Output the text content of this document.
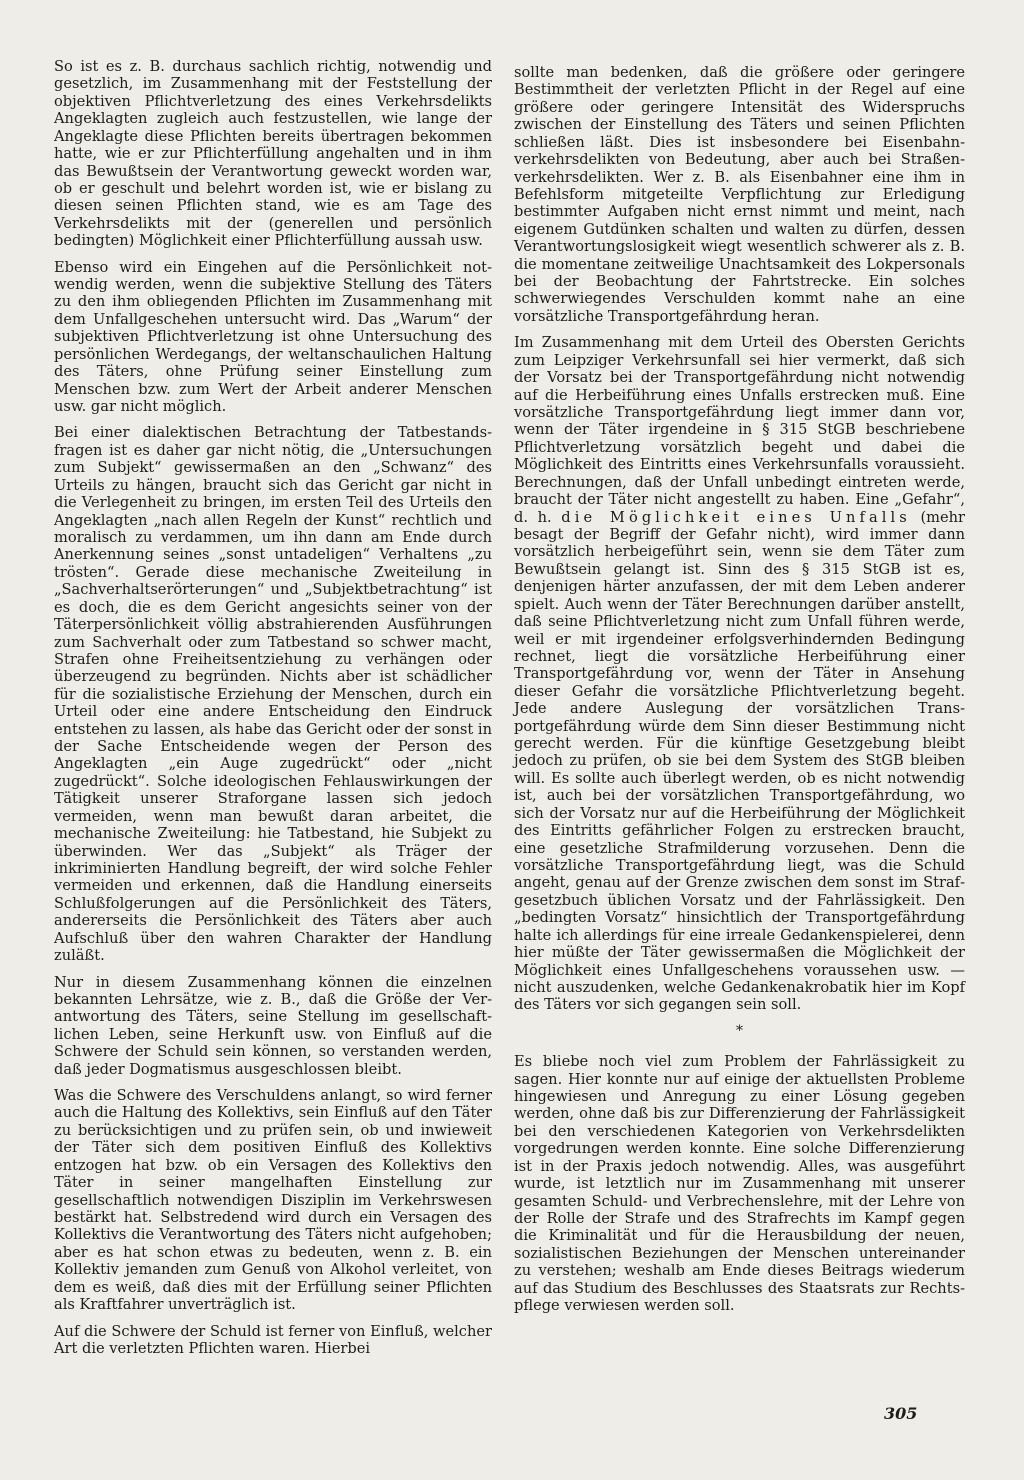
So ist es z. B. durchaus sachlich richtig, notwendig und gesetzlich, im Zusammenhang mit der Feststellung der objektiven Pflichtverletzung des eines Verkehrsdelikts Angeklagten zugleich auch festzustellen, wie lange der Angeklagte diese Pflichten bereits übertragen bekommen hatte, wie er zur Pflichterfüllung angehalten und in ihm das Bewußtsein der Verantwortung geweckt worden war, ob er geschult und belehrt worden ist, wie er bislang zu diesen seinen Pflichten stand, wie es am Tage des Verkehrsdelikts mit der (generellen und persönlich bedingten) Möglichkeit einer Pflichterfüllung aussah usw.

Ebenso wird ein Eingehen auf die Persönlichkeit notwendig werden, wenn die subjektive Stellung des Täters zu den ihm obliegenden Pflichten im Zusammenhang mit dem Unfallgeschehen untersucht wird. Das „Warum“ der subjektiven Pflichtverletzung ist ohne Untersuchung des persönlichen Werdegangs, der weltanschaulichen Haltung des Täters, ohne Prüfung seiner Einstellung zum Menschen bzw. zum Wert der Arbeit anderer Menschen usw. gar nicht möglich.

Bei einer dialektischen Betrachtung der Tatbestandsfragen ist es daher gar nicht nötig, die „Untersuchungen zum Subjekt“ gewissermaßen an den „Schwanz“ des Urteils zu hängen, braucht sich das Gericht gar nicht in die Verlegenheit zu bringen, im ersten Teil des Urteils den Angeklagten „nach allen Regeln der Kunst“ rechtlich und moralisch zu verdammen, um ihn dann am Ende durch Anerkennung seines „sonst untadeligen“ Verhaltens „zu trösten“. Gerade diese mechanische Zweiteilung in „Sachverhaltserörterungen“ und „Subjektbetrachtung“ ist es doch, die es dem Gericht angesichts seiner von der Täterpersönlichkeit völlig abstrahierenden Ausführungen zum Sachverhalt oder zum Tatbestand so schwer macht, Strafen ohne Freiheitsentziehung zu verhängen oder überzeugend zu begründen. Nichts aber ist schädlicher für die sozialistische Erziehung der Menschen, durch ein Urteil oder eine andere Entscheidung den Eindruck entstehen zu lassen, als habe das Gericht oder der sonst in der Sache Entscheidende wegen der Person des Angeklagten „ein Auge zugedrückt“ oder „nicht zugedrückt“. Solche ideologischen Fehlauswirkungen der Tätigkeit unserer Straforgane lassen sich jedoch vermeiden, wenn man bewußt daran arbeitet, die mechanische Zweiteilung: hie Tatbestand, hie Subjekt zu überwinden. Wer das „Subjekt“ als Träger der inkriminierten Handlung begreift, der wird solche Fehler vermeiden und erkennen, daß die Handlung einerseits Schlußfolgerungen auf die Persönlichkeit des Täters, andererseits die Persönlichkeit des Täters aber auch Aufschluß über den wahren Charakter der Handlung zuläßt.

Nur in diesem Zusammenhang können die einzelnen bekannten Lehrsätze, wie z. B., daß die Größe der Verantwortung des Täters, seine Stellung im gesellschaftlichen Leben, seine Herkunft usw. von Einfluß auf die Schwere der Schuld sein können, so verstanden werden, daß jeder Dogmatismus ausgeschlossen bleibt.

Was die Schwere des Verschuldens anlangt, so wird ferner auch die Haltung des Kollektivs, sein Einfluß auf den Täter zu berücksichtigen und zu prüfen sein, ob und inwieweit der Täter sich dem positiven Einfluß des Kollektivs entzogen hat bzw. ob ein Versagen des Kollektivs den Täter in seiner mangelhaften Einstellung zur gesellschaftlich notwendigen Disziplin im Verkehrswesen bestärkt hat. Selbstredend wird durch ein Versagen des Kollektivs die Verantwortung des Täters nicht aufgehoben; aber es hat schon etwas zu bedeuten, wenn z. B. ein Kollektiv jemanden zum Genuß von Alkohol verleitet, von dem es weiß, daß dies mit der Erfüllung seiner Pflichten als Kraftfahrer unverträglich ist.

Auf die Schwere der Schuld ist ferner von Einfluß, welcher Art die verletzten Pflichten waren. Hierbei

sollte man bedenken, daß die größere oder geringere Bestimmtheit der verletzten Pflicht in der Regel auf eine größere oder geringere Intensität des Widerspruchs zwischen der Einstellung des Täters und seinen Pflichten schließen läßt. Dies ist insbesondere bei Eisenbahnverkehrsdelikten von Bedeutung, aber auch bei Straßenverkehrsdelikten. Wer z. B. als Eisenbahner eine ihm in Befehlsform mitgeteilte Verpflichtung zur Erledigung bestimmter Aufgaben nicht ernst nimmt und meint, nach eigenem Gutdünken schalten und walten zu dürfen, dessen Verantwortungslosigkeit wiegt wesentlich schwerer als z. B. die momentane zeitweilige Unachtsamkeit des Lokpersonals bei der Beobachtung der Fahrtstrecke. Ein solches schwerwiegendes Verschulden kommt nahe an eine vorsätzliche Transportgefährdung heran.

Im Zusammenhang mit dem Urteil des Obersten Gerichts zum Leipziger Verkehrsunfall sei hier vermerkt, daß sich der Vorsatz bei der Transportgefährdung nicht notwendig auf die Herbeiführung eines Unfalls erstrecken muß. Eine vorsätzliche Transportgefährdung liegt immer dann vor, wenn der Täter irgendeine in § 315 StGB beschriebene Pflichtverletzung vorsätzlich begeht und dabei die Möglichkeit des Eintritts eines Verkehrsunfalls voraussieht. Berechnungen, daß der Unfall unbedingt eintreten werde, braucht der Täter nicht angestellt zu haben. Eine „Gefahr“, d. h. die Möglichkeit eines Unfalls (mehr besagt der Begriff der Gefahr nicht), wird immer dann vorsätzlich herbeigeführt sein, wenn sie dem Täter zum Bewußtsein gelangt ist. Sinn des § 315 StGB ist es, denjenigen härter anzufassen, der mit dem Leben anderer spielt. Auch wenn der Täter Berechnungen darüber anstellt, daß seine Pflichtverletzung nicht zum Unfall führen werde, weil er mit irgendeiner erfolgsverhindernden Bedingung rechnet, liegt die vorsätzliche Herbeiführung einer Transportgefährdung vor, wenn der Täter in Ansehung dieser Gefahr die vorsätzliche Pflichtverletzung begeht. Jede andere Auslegung der vorsätzlichen Transportgefährdung würde dem Sinn dieser Bestimmung nicht gerecht werden. Für die künftige Gesetzgebung bleibt jedoch zu prüfen, ob sie bei dem System des StGB bleiben will. Es sollte auch überlegt werden, ob es nicht notwendig ist, auch bei der vorsätzlichen Transportgefährdung, wo sich der Vorsatz nur auf die Herbeiführung der Möglichkeit des Eintritts gefährlicher Folgen zu erstrecken braucht, eine gesetzliche Strafmilderung vorzusehen. Denn die vorsätzliche Transportgefährdung liegt, was die Schuld angeht, genau auf der Grenze zwischen dem sonst im Strafgesetzbuch üblichen Vorsatz und der Fahrlässigkeit. Den „bedingten Vorsatz“ hinsichtlich der Transportgefährdung halte ich allerdings für eine irreale Gedankenspielerei, denn hier müßte der Täter gewissermaßen die Möglichkeit der Möglichkeit eines Unfallgeschehens voraussehen usw. — nicht auszudenken, welche Gedankenakrobatik hier im Kopf des Täters vor sich gegangen sein soll.

*

Es bliebe noch viel zum Problem der Fahrlässigkeit zu sagen. Hier konnte nur auf einige der aktuellsten Probleme hingewiesen und Anregung zu einer Lösung gegeben werden, ohne daß bis zur Differenzierung der Fahrlässigkeit bei den verschiedenen Kategorien von Verkehrsdelikten vorgedrungen werden konnte. Eine solche Differenzierung ist in der Praxis jedoch notwendig. Alles, was ausgeführt wurde, ist letztlich nur im Zusammenhang mit unserer gesamten Schuld- und Verbrechenslehre, mit der Lehre von der Rolle der Strafe und des Strafrechts im Kampf gegen die Kriminalität und für die Herausbildung der neuen, sozialistischen Beziehungen der Menschen untereinander zu verstehen; weshalb am Ende dieses Beitrags wiederum auf das Studium des Beschlusses des Staatsrats zur Rechtspflege verwiesen werden soll.

305
